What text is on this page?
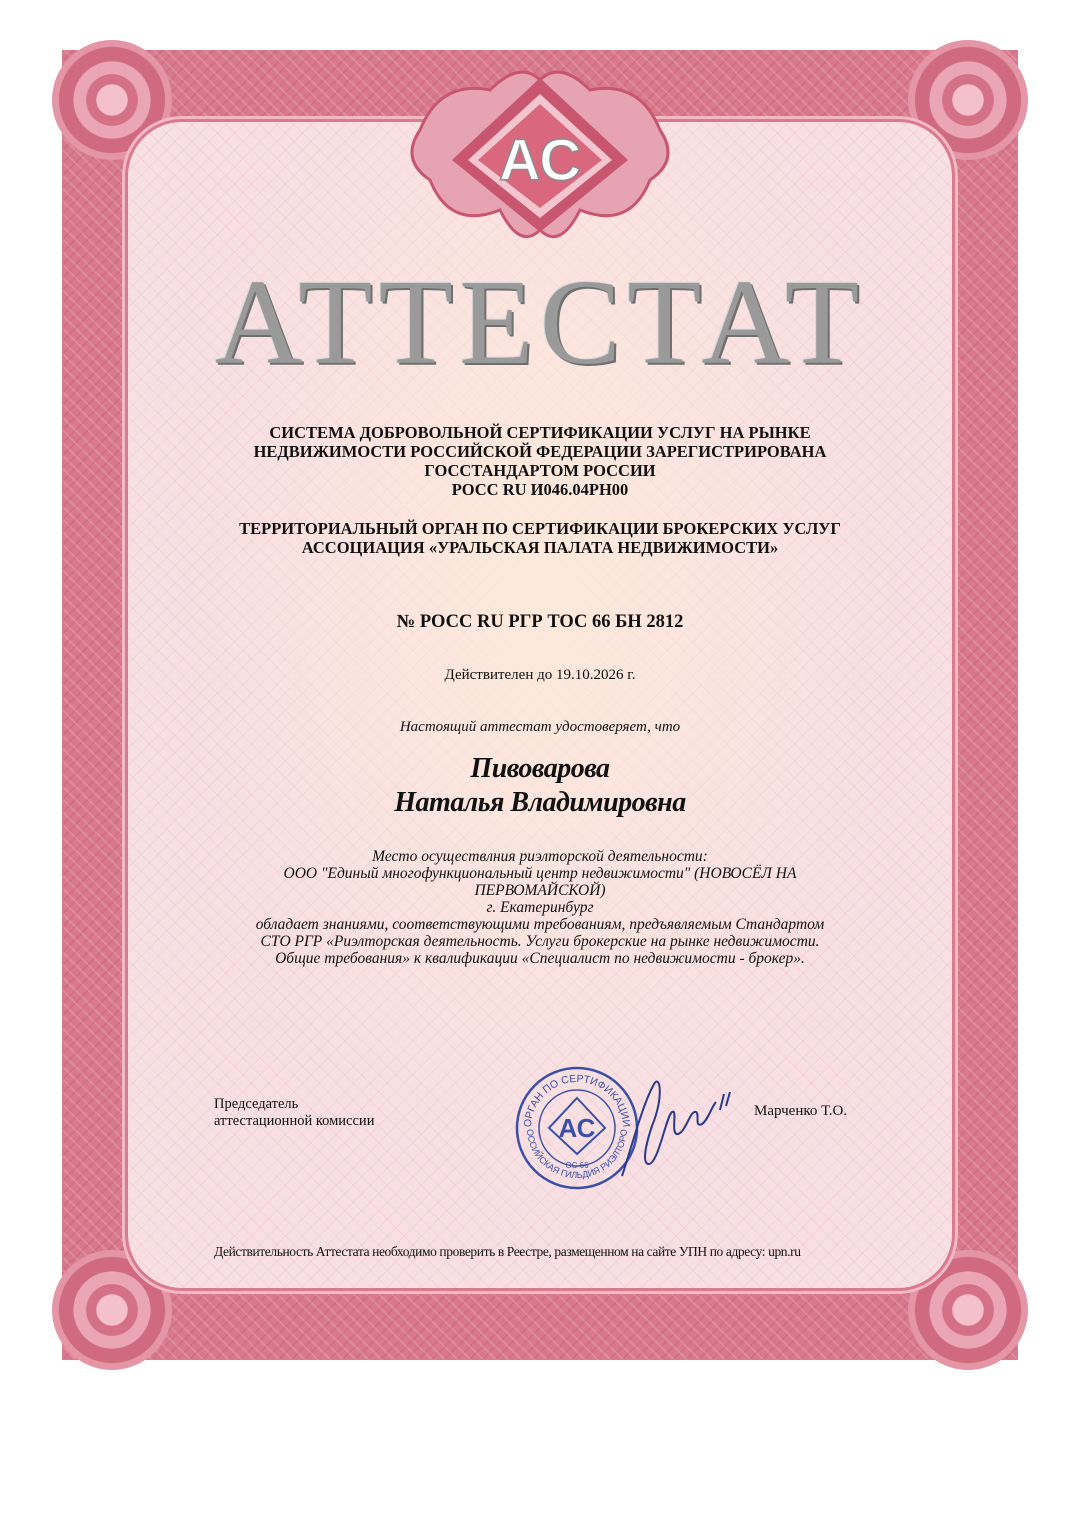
АС
АТТЕСТАТ
СИСТЕМА ДОБРОВОЛЬНОЙ СЕРТИФИКАЦИИ УСЛУГ НА РЫНКЕ
НЕДВИЖИМОСТИ РОССИЙСКОЙ ФЕДЕРАЦИИ ЗАРЕГИСТРИРОВАНА
ГОССТАНДАРТОМ РОССИИ
РОСС RU И046.04РН00
ТЕРРИТОРИАЛЬНЫЙ ОРГАН ПО СЕРТИФИКАЦИИ БРОКЕРСКИХ УСЛУГ
АССОЦИАЦИЯ «УРАЛЬСКАЯ ПАЛАТА НЕДВИЖИМОСТИ»
№ РОСС RU РГР ТОС 66 БН 2812
Действителен до 19.10.2026 г.
Настоящий аттестат удостоверяет, что
Пивоварова
Наталья Владимировна
Место осуществлния риэлторской деятельности:
ООО "Единый многофункциональный центр недвижимости" (НОВОСЁЛ НА
ПЕРВОМАЙСКОЙ)
г. Екатеринбург
обладает знаниями, соответствующими требованиям, предъявляемым Стандартом
СТО РГР «Риэлторская деятельность. Услуги брокерские на рынке недвижимости.
Общие требования» к квалификации «Специалист по недвижимости - брокер».
Председатель
аттестационной комиссии	ОРГАН ПО СЕРТИФИКАЦИИ
ОССИЙСКАЯ ГИЛЬДИЯ РИЭЛТОРО
АС
ОС 66
Марченко Т.О.
Действительность Аттестата необходимо проверить в Реестре, размещенном на сайте УПН по адресу: upn.ru
